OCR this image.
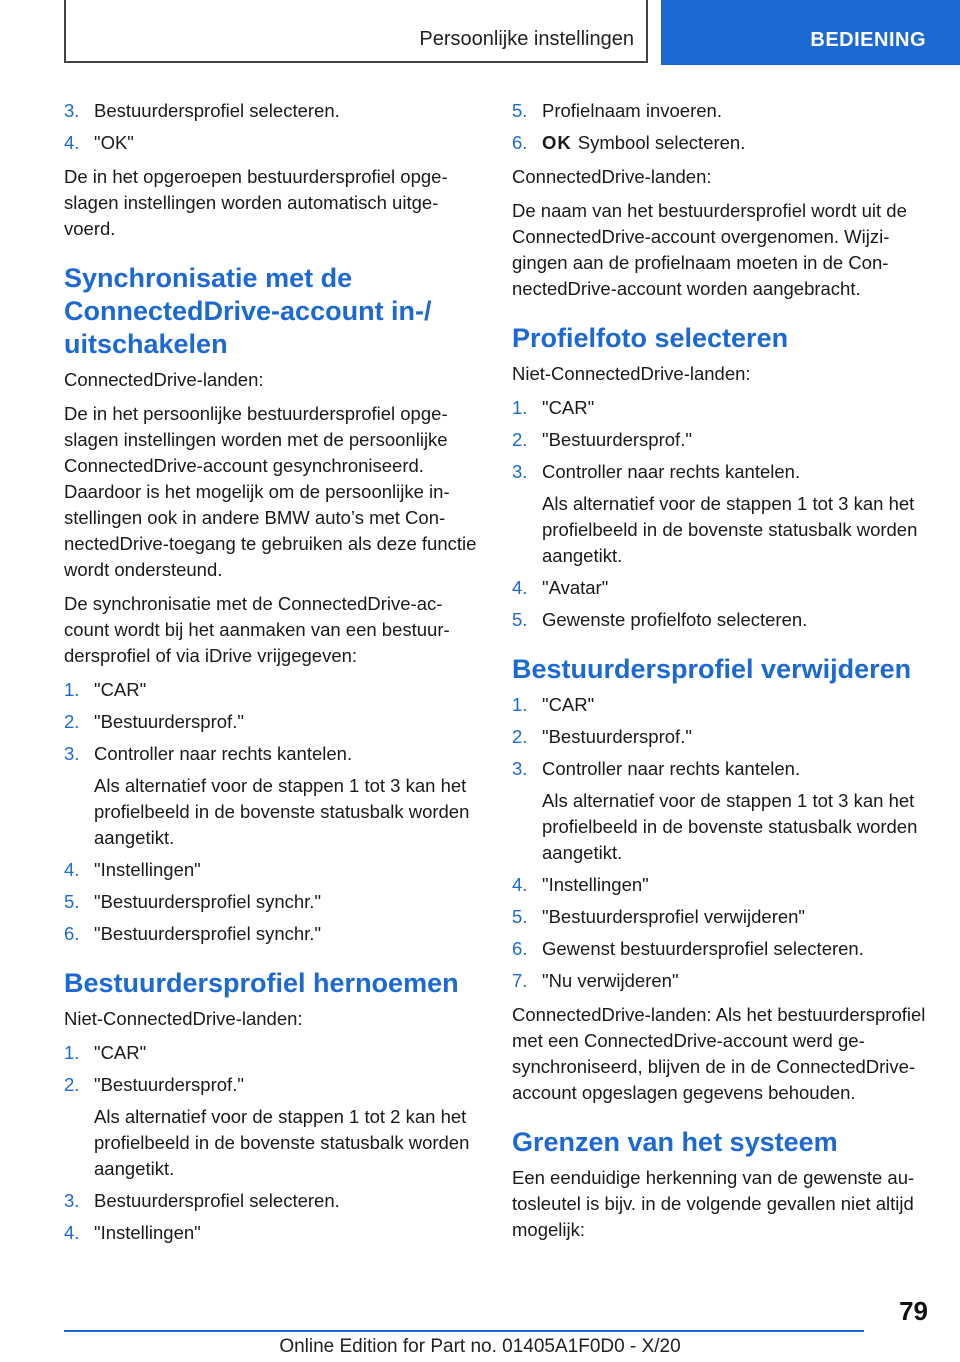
Persoonlijke instellingen	BEDIENING
3. Bestuurdersprofiel selecteren.
4. "OK"

De in het opgeroepen bestuurdersprofiel opgeslagen instellingen worden automatisch uitgevoerd.

Synchronisatie met de ConnectedDrive-account in-/ uitschakelen

ConnectedDrive-landen:

De in het persoonlijke bestuurdersprofiel opgeslagen instellingen worden met de persoonlijke ConnectedDrive-account gesynchroniseerd. Daardoor is het mogelijk om de persoonlijke instellingen ook in andere BMW auto’s met ConnectedDrive-toegang te gebruiken als deze functie wordt ondersteund.

De synchronisatie met de ConnectedDrive-account wordt bij het aanmaken van een bestuurdersprofiel of via iDrive vrijgegeven:

1. "CAR"
2. "Bestuurdersprof."
3. Controller naar rechts kantelen.
Als alternatief voor de stappen 1 tot 3 kan het profielbeeld in de bovenste statusbalk worden aangetikt.
4. "Instellingen"
5. "Bestuurdersprofiel synchr."
6. "Bestuurdersprofiel synchr."
Bestuurdersprofiel hernoemen

Niet-ConnectedDrive-landen:

1. "CAR"
2. "Bestuurdersprof."
Als alternatief voor de stappen 1 tot 2 kan het profielbeeld in de bovenste statusbalk worden aangetikt.
3. Bestuurdersprofiel selecteren.
4. "Instellingen"
5. Profielnaam invoeren.
6. OK Symbool selecteren.

ConnectedDrive-landen:

De naam van het bestuurdersprofiel wordt uit de ConnectedDrive-account overgenomen. Wijzigingen aan de profielnaam moeten in de ConnectedDrive-account worden aangebracht.

Profielfoto selecteren

Niet-ConnectedDrive-landen:

1. "CAR"
2. "Bestuurdersprof."
3. Controller naar rechts kantelen.
Als alternatief voor de stappen 1 tot 3 kan het profielbeeld in de bovenste statusbalk worden aangetikt.
4. "Avatar"
5. Gewenste profielfoto selecteren.
Bestuurdersprofiel verwijderen
1. "CAR"
2. "Bestuurdersprof."
3. Controller naar rechts kantelen.
Als alternatief voor de stappen 1 tot 3 kan het profielbeeld in de bovenste statusbalk worden aangetikt.
4. "Instellingen"
5. "Bestuurdersprofiel verwijderen"
6. Gewenst bestuurdersprofiel selecteren.
7. "Nu verwijderen"

ConnectedDrive-landen: Als het bestuurdersprofiel met een ConnectedDrive-account werd gesynchroniseerd, blijven de in de ConnectedDrive-account opgeslagen gegevens behouden.

Grenzen van het systeem

Een eenduidige herkenning van de gewenste autosleutel is bijv. in de volgende gevallen niet altijd mogelijk:

79
Online Edition for Part no. 01405A1F0D0 - X/20
